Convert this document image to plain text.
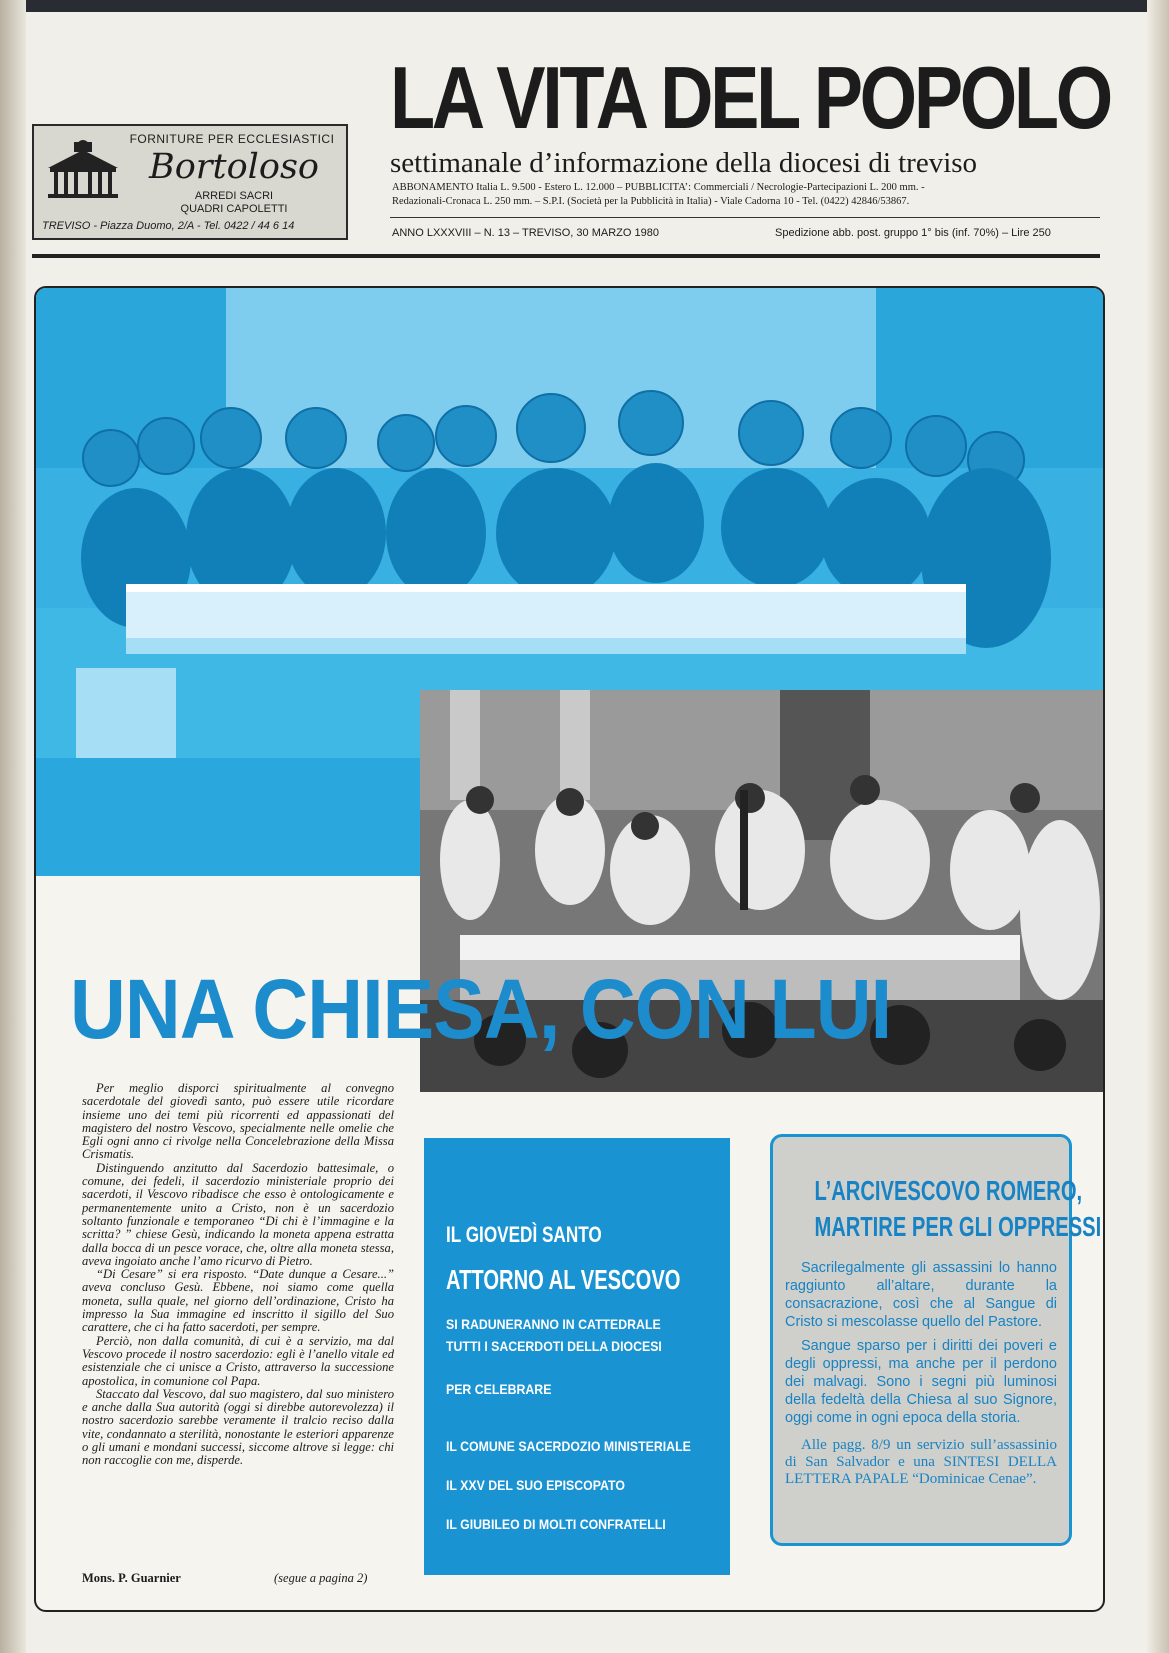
FORNITURE PER ECCLESIASTICI
Bortoloso
ARREDI SACRI
QUADRI CAPOLETTI
TREVISO - Piazza Duomo, 2/A - Tel. 0422 / 44 6 14
LA VITA DEL POPOLO
settimanale d’informazione della diocesi di treviso
ABBONAMENTO Italia L. 9.500 - Estero L. 12.000 – PUBBLICITA’: Commerciali / Necrologie-Partecipazioni L. 200 mm. -
Redazionali-Cronaca L. 250 mm. – S.P.I. (Società per la Pubblicità in Italia) - Viale Cadorna 10 - Tel. (0422) 42846/53867.
ANNO LXXXVIII – N. 13 – TREVISO, 30 MARZO 1980	Spedizione abb. post. gruppo 1° bis (inf. 70%) – Lire 250
UNA CHIESA, CON LUI

Per meglio disporci spiritualmente al convegno sacerdotale del giovedì santo, può essere utile ricordare insieme uno dei temi più ricorrenti ed appassionati del magistero del nostro Vescovo, specialmente nelle omelie che Egli ogni anno ci rivolge nella Concelebrazione della Missa Crismatis.

Distinguendo anzitutto dal Sacerdozio battesimale, o comune, dei fedeli, il sacerdozio ministeriale proprio dei sacerdoti, il Vescovo ribadisce che esso è ontologicamente e permanentemente unito a Cristo, non è un sacerdozio soltanto funzionale e temporaneo “Di chi è l’immagine e la scritta? ” chiese Gesù, indicando la moneta appena estratta dalla bocca di un pesce vorace, che, oltre alla moneta stessa, aveva ingoiato anche l’amo ricurvo di Pietro.

“Di Cesare” si era risposto. “Date dunque a Cesare...” aveva concluso Gesù. Ebbene, noi siamo come quella moneta, sulla quale, nel giorno dell’ordinazione, Cristo ha impresso la Sua immagine ed inscritto il sigillo del Suo carattere, che ci ha fatto sacerdoti, per sempre.

Perciò, non dalla comunità, di cui è a servizio, ma dal Vescovo procede il nostro sacerdozio: egli è l’anello vitale ed esistenziale che ci unisce a Cristo, attraverso la successione apostolica, in comunione col Papa.

Staccato dal Vescovo, dal suo magistero, dal suo ministero e anche dalla Sua autorità (oggi si direbbe autorevolezza) il nostro sacerdozio sarebbe veramente il tralcio reciso dalla vite, condannato a sterilità, nonostante le esteriori apparenze o gli umani e mondani successi, siccome altrove si legge: chi non raccoglie con me, disperde.

Mons. P. Guarnier	(segue a pagina 2)
IL GIOVEDÌ SANTO
ATTORNO AL VESCOVO
SI RADUNERANNO IN CATTEDRALE
TUTTI I SACERDOTI DELLA DIOCESI
PER CELEBRARE
IL COMUNE SACERDOZIO MINISTERIALE
IL XXV DEL SUO EPISCOPATO
IL GIUBILEO DI MOLTI CONFRATELLI
L’ARCIVESCOVO ROMERO,
MARTIRE PER GLI OPPRESSI
Sacrilegalmente gli assassini lo hanno raggiunto all’altare, durante la consacrazione, così che al Sangue di Cristo si mescolasse quello del Pastore.
Sangue sparso per i diritti dei poveri e degli oppressi, ma anche per il perdono dei malvagi. Sono i segni più luminosi della fedeltà della Chiesa al suo Signore, oggi come in ogni epoca della storia.
Alle pagg. 8/9 un servizio sull’assassinio di San Salvador e una SINTESI DELLA LETTERA PAPALE “Dominicae Cenae”.
